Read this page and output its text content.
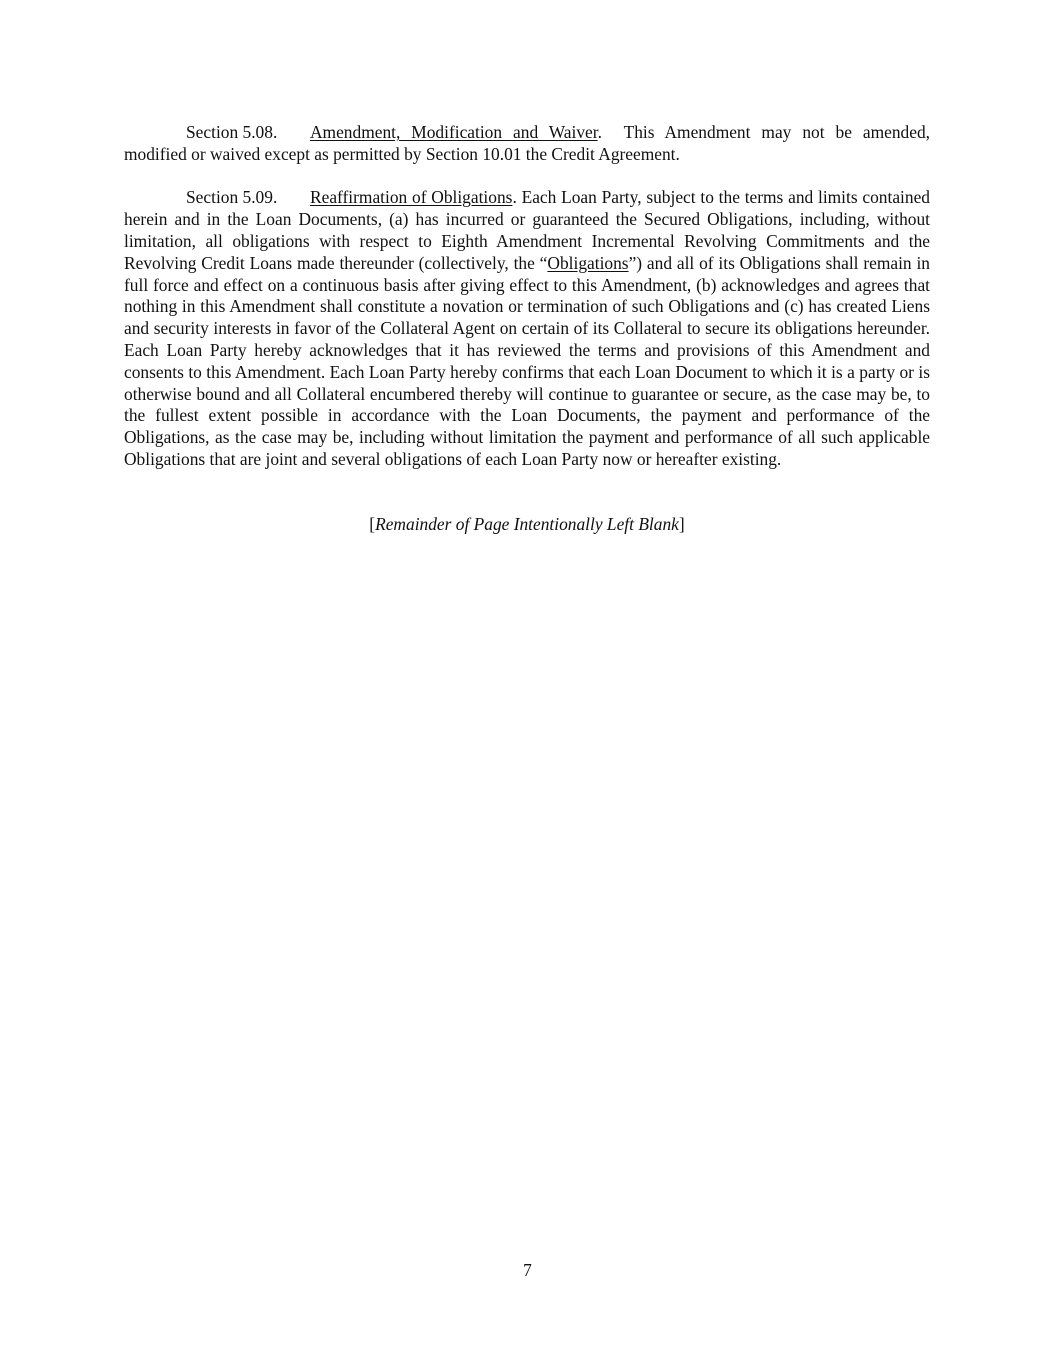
Section 5.08. Amendment, Modification and Waiver. This Amendment may not be amended, modified or waived except as permitted by Section 10.01 the Credit Agreement.

Section 5.09. Reaffirmation of Obligations. Each Loan Party, subject to the terms and limits contained herein and in the Loan Documents, (a) has incurred or guaranteed the Secured Obligations, including, without limitation, all obligations with respect to Eighth Amendment Incremental Revolving Commitments and the Revolving Credit Loans made thereunder (collectively, the “Obligations”) and all of its Obligations shall remain in full force and effect on a continuous basis after giving effect to this Amendment, (b) acknowledges and agrees that nothing in this Amendment shall constitute a novation or termination of such Obligations and (c) has created Liens and security interests in favor of the Collateral Agent on certain of its Collateral to secure its obligations hereunder. Each Loan Party hereby acknowledges that it has reviewed the terms and provisions of this Amendment and consents to this Amendment. Each Loan Party hereby confirms that each Loan Document to which it is a party or is otherwise bound and all Collateral encumbered thereby will continue to guarantee or secure, as the case may be, to the fullest extent possible in accordance with the Loan Documents, the payment and performance of the Obligations, as the case may be, including without limitation the payment and performance of all such applicable Obligations that are joint and several obligations of each Loan Party now or hereafter existing.

[Remainder of Page Intentionally Left Blank]
7
